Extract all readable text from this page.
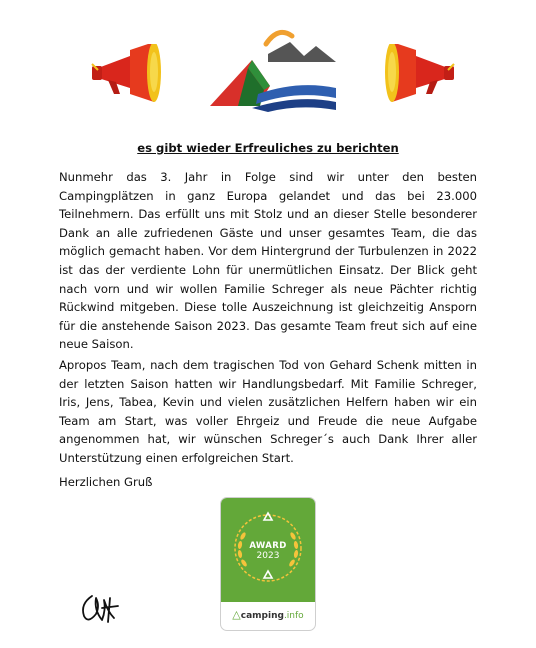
es gibt wieder Erfreuliches zu berichten

Nunmehr das 3. Jahr in Folge sind wir unter den besten Campingplätzen in ganz Europa gelandet und das bei 23.000 Teilnehmern. Das erfüllt uns mit Stolz und an dieser Stelle besonderer Dank an alle zufriedenen Gäste und unser gesamtes Team, die das möglich gemacht haben. Vor dem Hintergrund der Turbulenzen in 2022 ist das der verdiente Lohn für unermütlichen Einsatz. Der Blick geht nach vorn und wir wollen Familie Schreger als neue Pächter richtig Rückwind mitgeben. Diese tolle Auszeichnung ist gleichzeitig Ansporn für die anstehende Saison 2023. Das gesamte Team freut sich auf eine neue Saison.

Apropos Team, nach dem tragischen Tod von Gehard Schenk mitten in der letzten Saison hatten wir Handlungsbedarf. Mit Familie Schreger, Iris, Jens, Tabea, Kevin und vielen zusätzlichen Helfern haben wir ein Team am Start, was voller Ehrgeiz und Freude die neue Aufgabe angenommen hat, wir wünschen Schreger´s auch Dank Ihrer aller Unterstützung einen erfolgreichen Start.

Herzlichen Gruß
AWARD
2023
△camping.info
